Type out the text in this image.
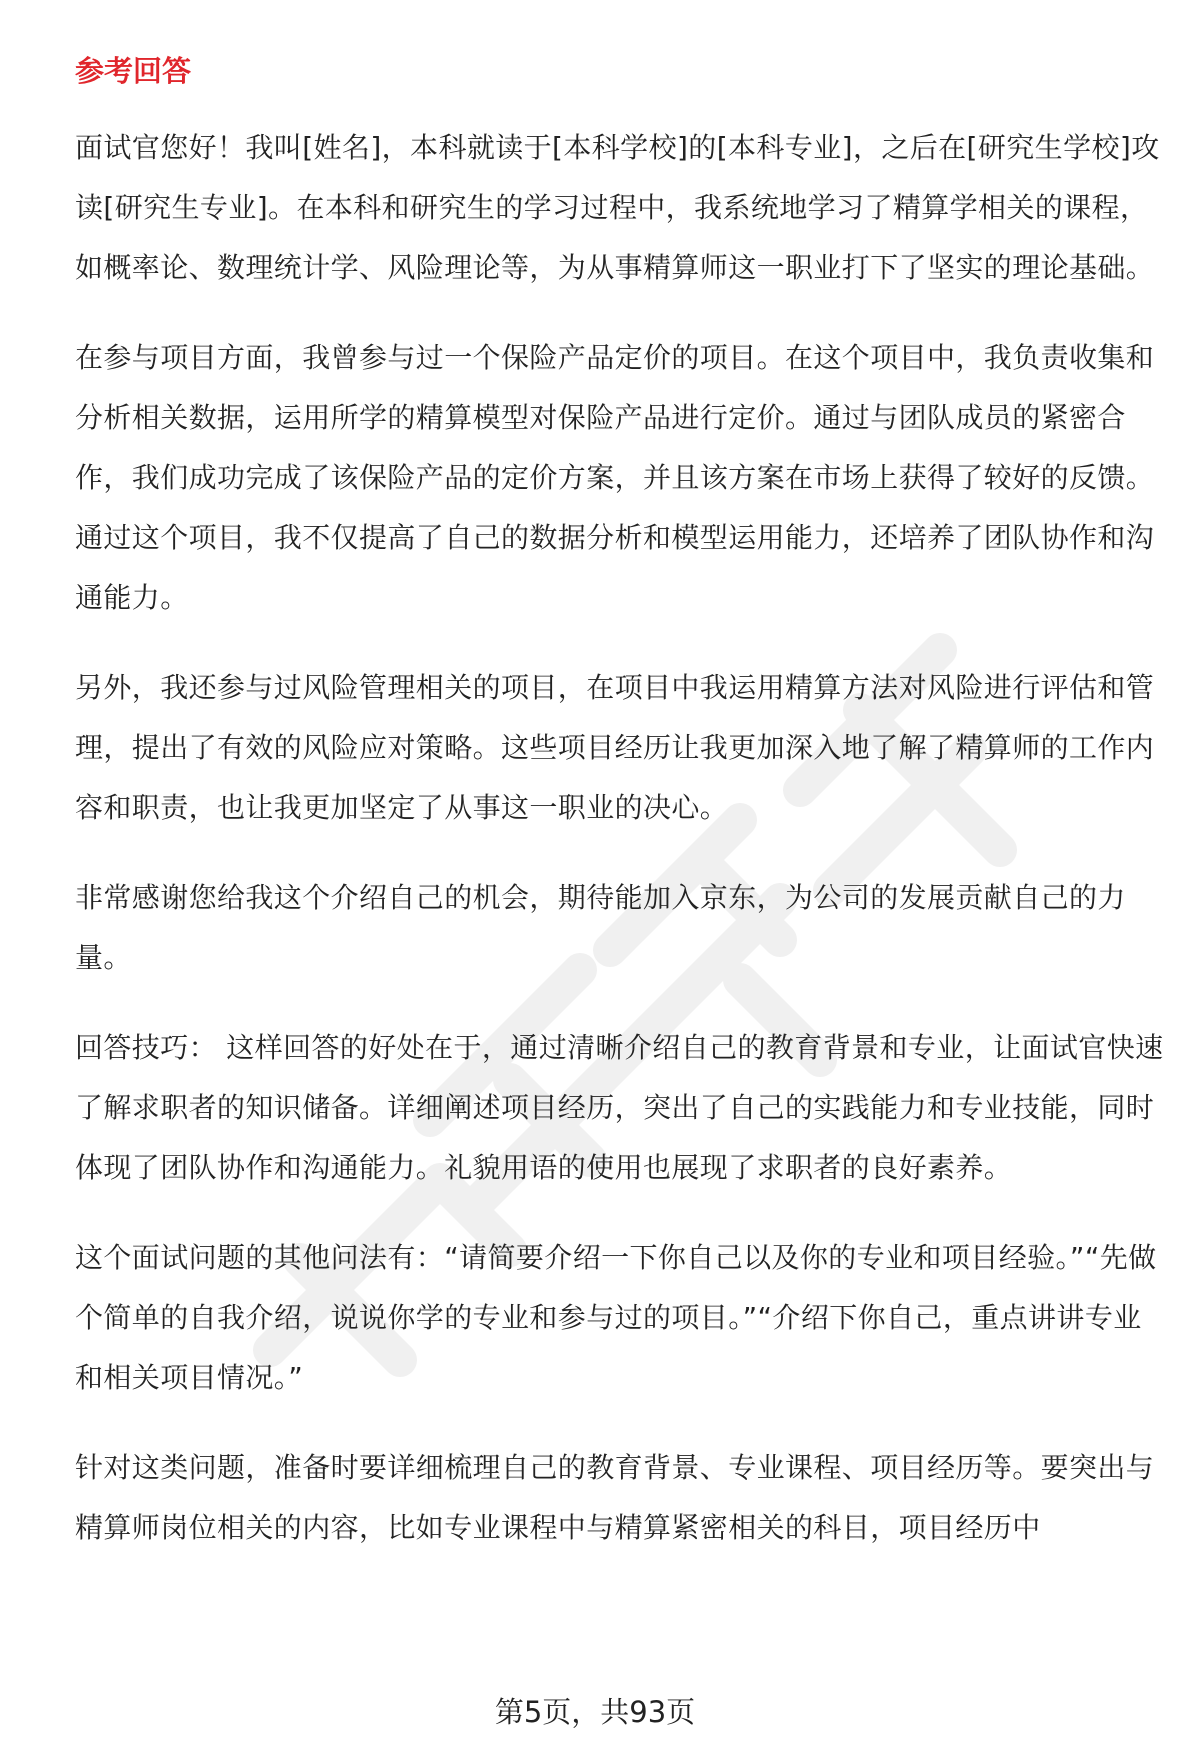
参考回答

面试官您好！我叫[姓名]，本科就读于[本科学校]的[本科专业]，之后在[研究生学校]攻读[研究生专业]。在本科和研究生的学习过程中，我系统地学习了精算学相关的课程，如概率论、数理统计学、风险理论等，为从事精算师这一职业打下了坚实的理论基础。

在参与项目方面，我曾参与过一个保险产品定价的项目。在这个项目中，我负责收集和分析相关数据，运用所学的精算模型对保险产品进行定价。通过与团队成员的紧密合作，我们成功完成了该保险产品的定价方案，并且该方案在市场上获得了较好的反馈。通过这个项目，我不仅提高了自己的数据分析和模型运用能力，还培养了团队协作和沟通能力。

另外，我还参与过风险管理相关的项目，在项目中我运用精算方法对风险进行评估和管理，提出了有效的风险应对策略。这些项目经历让我更加深入地了解了精算师的工作内容和职责，也让我更加坚定了从事这一职业的决心。

非常感谢您给我这个介绍自己的机会，期待能加入京东，为公司的发展贡献自己的力量。

回答技巧： 这样回答的好处在于，通过清晰介绍自己的教育背景和专业，让面试官快速了解求职者的知识储备。详细阐述项目经历，突出了自己的实践能力和专业技能，同时体现了团队协作和沟通能力。礼貌用语的使用也展现了求职者的良好素养。

这个面试问题的其他问法有：“请简要介绍一下你自己以及你的专业和项目经验。”“先做个简单的自我介绍，说说你学的专业和参与过的项目。”“介绍下你自己，重点讲讲专业和相关项目情况。”

针对这类问题，准备时要详细梳理自己的教育背景、专业课程、项目经历等。要突出与精算师岗位相关的内容，比如专业课程中与精算紧密相关的科目，项目经历中

第5页，共93页
